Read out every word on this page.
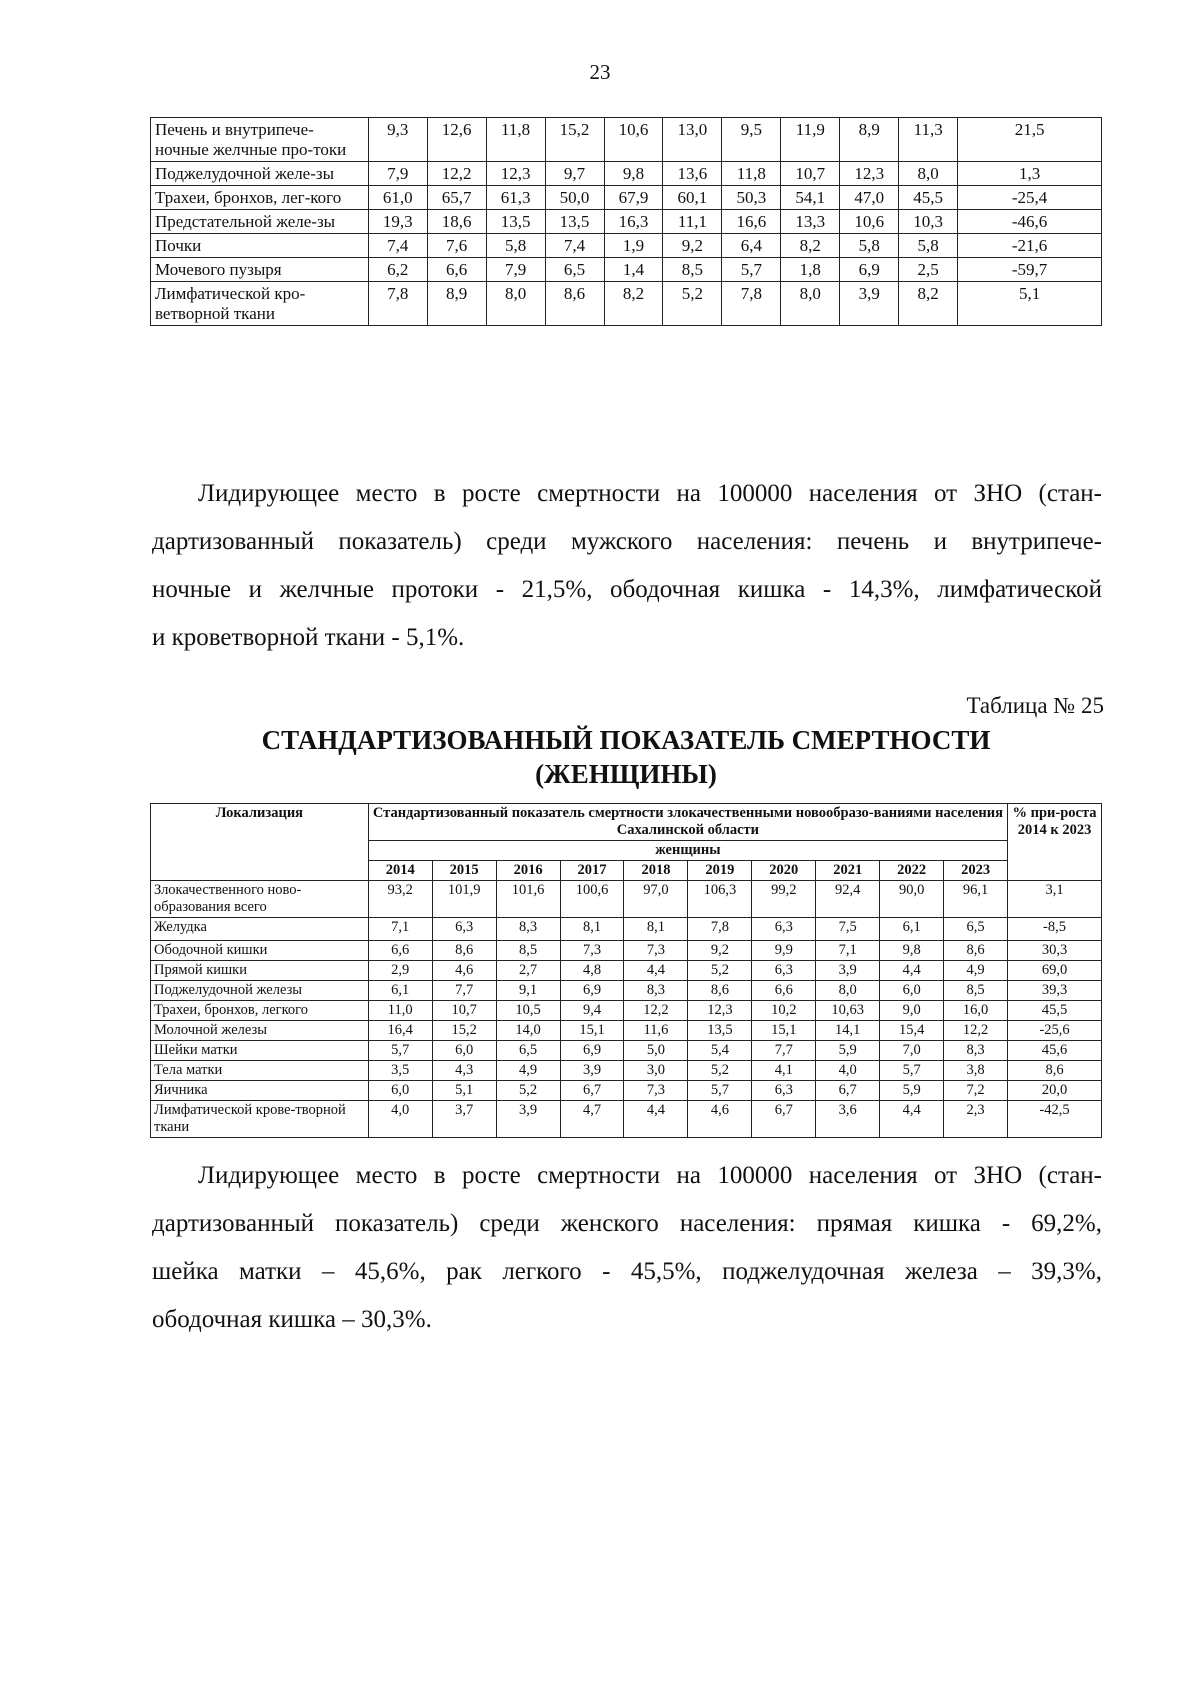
23
Печень и внутрипече-ночные желчные про-токи	9,3	12,6	11,8	15,2	10,6	13,0	9,5	11,9	8,9	11,3	21,5
Поджелудочной желе-зы	7,9	12,2	12,3	9,7	9,8	13,6	11,8	10,7	12,3	8,0	1,3
Трахеи, бронхов, лег-кого	61,0	65,7	61,3	50,0	67,9	60,1	50,3	54,1	47,0	45,5	-25,4
Предстательной желе-зы	19,3	18,6	13,5	13,5	16,3	11,1	16,6	13,3	10,6	10,3	-46,6
Почки	7,4	7,6	5,8	7,4	1,9	9,2	6,4	8,2	5,8	5,8	-21,6
Мочевого пузыря	6,2	6,6	7,9	6,5	1,4	8,5	5,7	1,8	6,9	2,5	-59,7
Лимфатической кро-ветворной ткани	7,8	8,9	8,0	8,6	8,2	5,2	7,8	8,0	3,9	8,2	5,1
Лидирующее место в росте смертности на 100000 населения от ЗНО (стан-
дартизованный показатель) среди мужского населения: печень и внутрипече-
ночные и желчные протоки - 21,5%, ободочная кишка - 14,3%, лимфатической
и кроветворной ткани - 5,1%.
Таблица № 25
СТАНДАРТИЗОВАННЫЙ ПОКАЗАТЕЛЬ СМЕРТНОСТИ
(ЖЕНЩИНЫ)
Локализация	Стандартизованный показатель смертности злокачественными новообразо-ваниями населения Сахалинской области										% при-роста 2014 к 2023
	женщины										
	2014	2015	2016	2017	2018	2019	2020	2021	2022	2023	
Злокачественного ново-образования всего	93,2	101,9	101,6	100,6	97,0	106,3	99,2	92,4	90,0	96,1	3,1
Желудка	7,1	6,3	8,3	8,1	8,1	7,8	6,3	7,5	6,1	6,5	-8,5
Ободочной кишки	6,6	8,6	8,5	7,3	7,3	9,2	9,9	7,1	9,8	8,6	30,3
Прямой кишки	2,9	4,6	2,7	4,8	4,4	5,2	6,3	3,9	4,4	4,9	69,0
Поджелудочной железы	6,1	7,7	9,1	6,9	8,3	8,6	6,6	8,0	6,0	8,5	39,3
Трахеи, бронхов, легкого	11,0	10,7	10,5	9,4	12,2	12,3	10,2	10,63	9,0	16,0	45,5
Молочной железы	16,4	15,2	14,0	15,1	11,6	13,5	15,1	14,1	15,4	12,2	-25,6
Шейки матки	5,7	6,0	6,5	6,9	5,0	5,4	7,7	5,9	7,0	8,3	45,6
Тела матки	3,5	4,3	4,9	3,9	3,0	5,2	4,1	4,0	5,7	3,8	8,6
Яичника	6,0	5,1	5,2	6,7	7,3	5,7	6,3	6,7	5,9	7,2	20,0
Лимфатической крове-творной ткани	4,0	3,7	3,9	4,7	4,4	4,6	6,7	3,6	4,4	2,3	-42,5
Лидирующее место в росте смертности на 100000 населения от ЗНО (стан-
дартизованный показатель) среди женского населения: прямая кишка - 69,2%,
шейка матки – 45,6%, рак легкого - 45,5%, поджелудочная железа – 39,3%,
ободочная кишка – 30,3%.
